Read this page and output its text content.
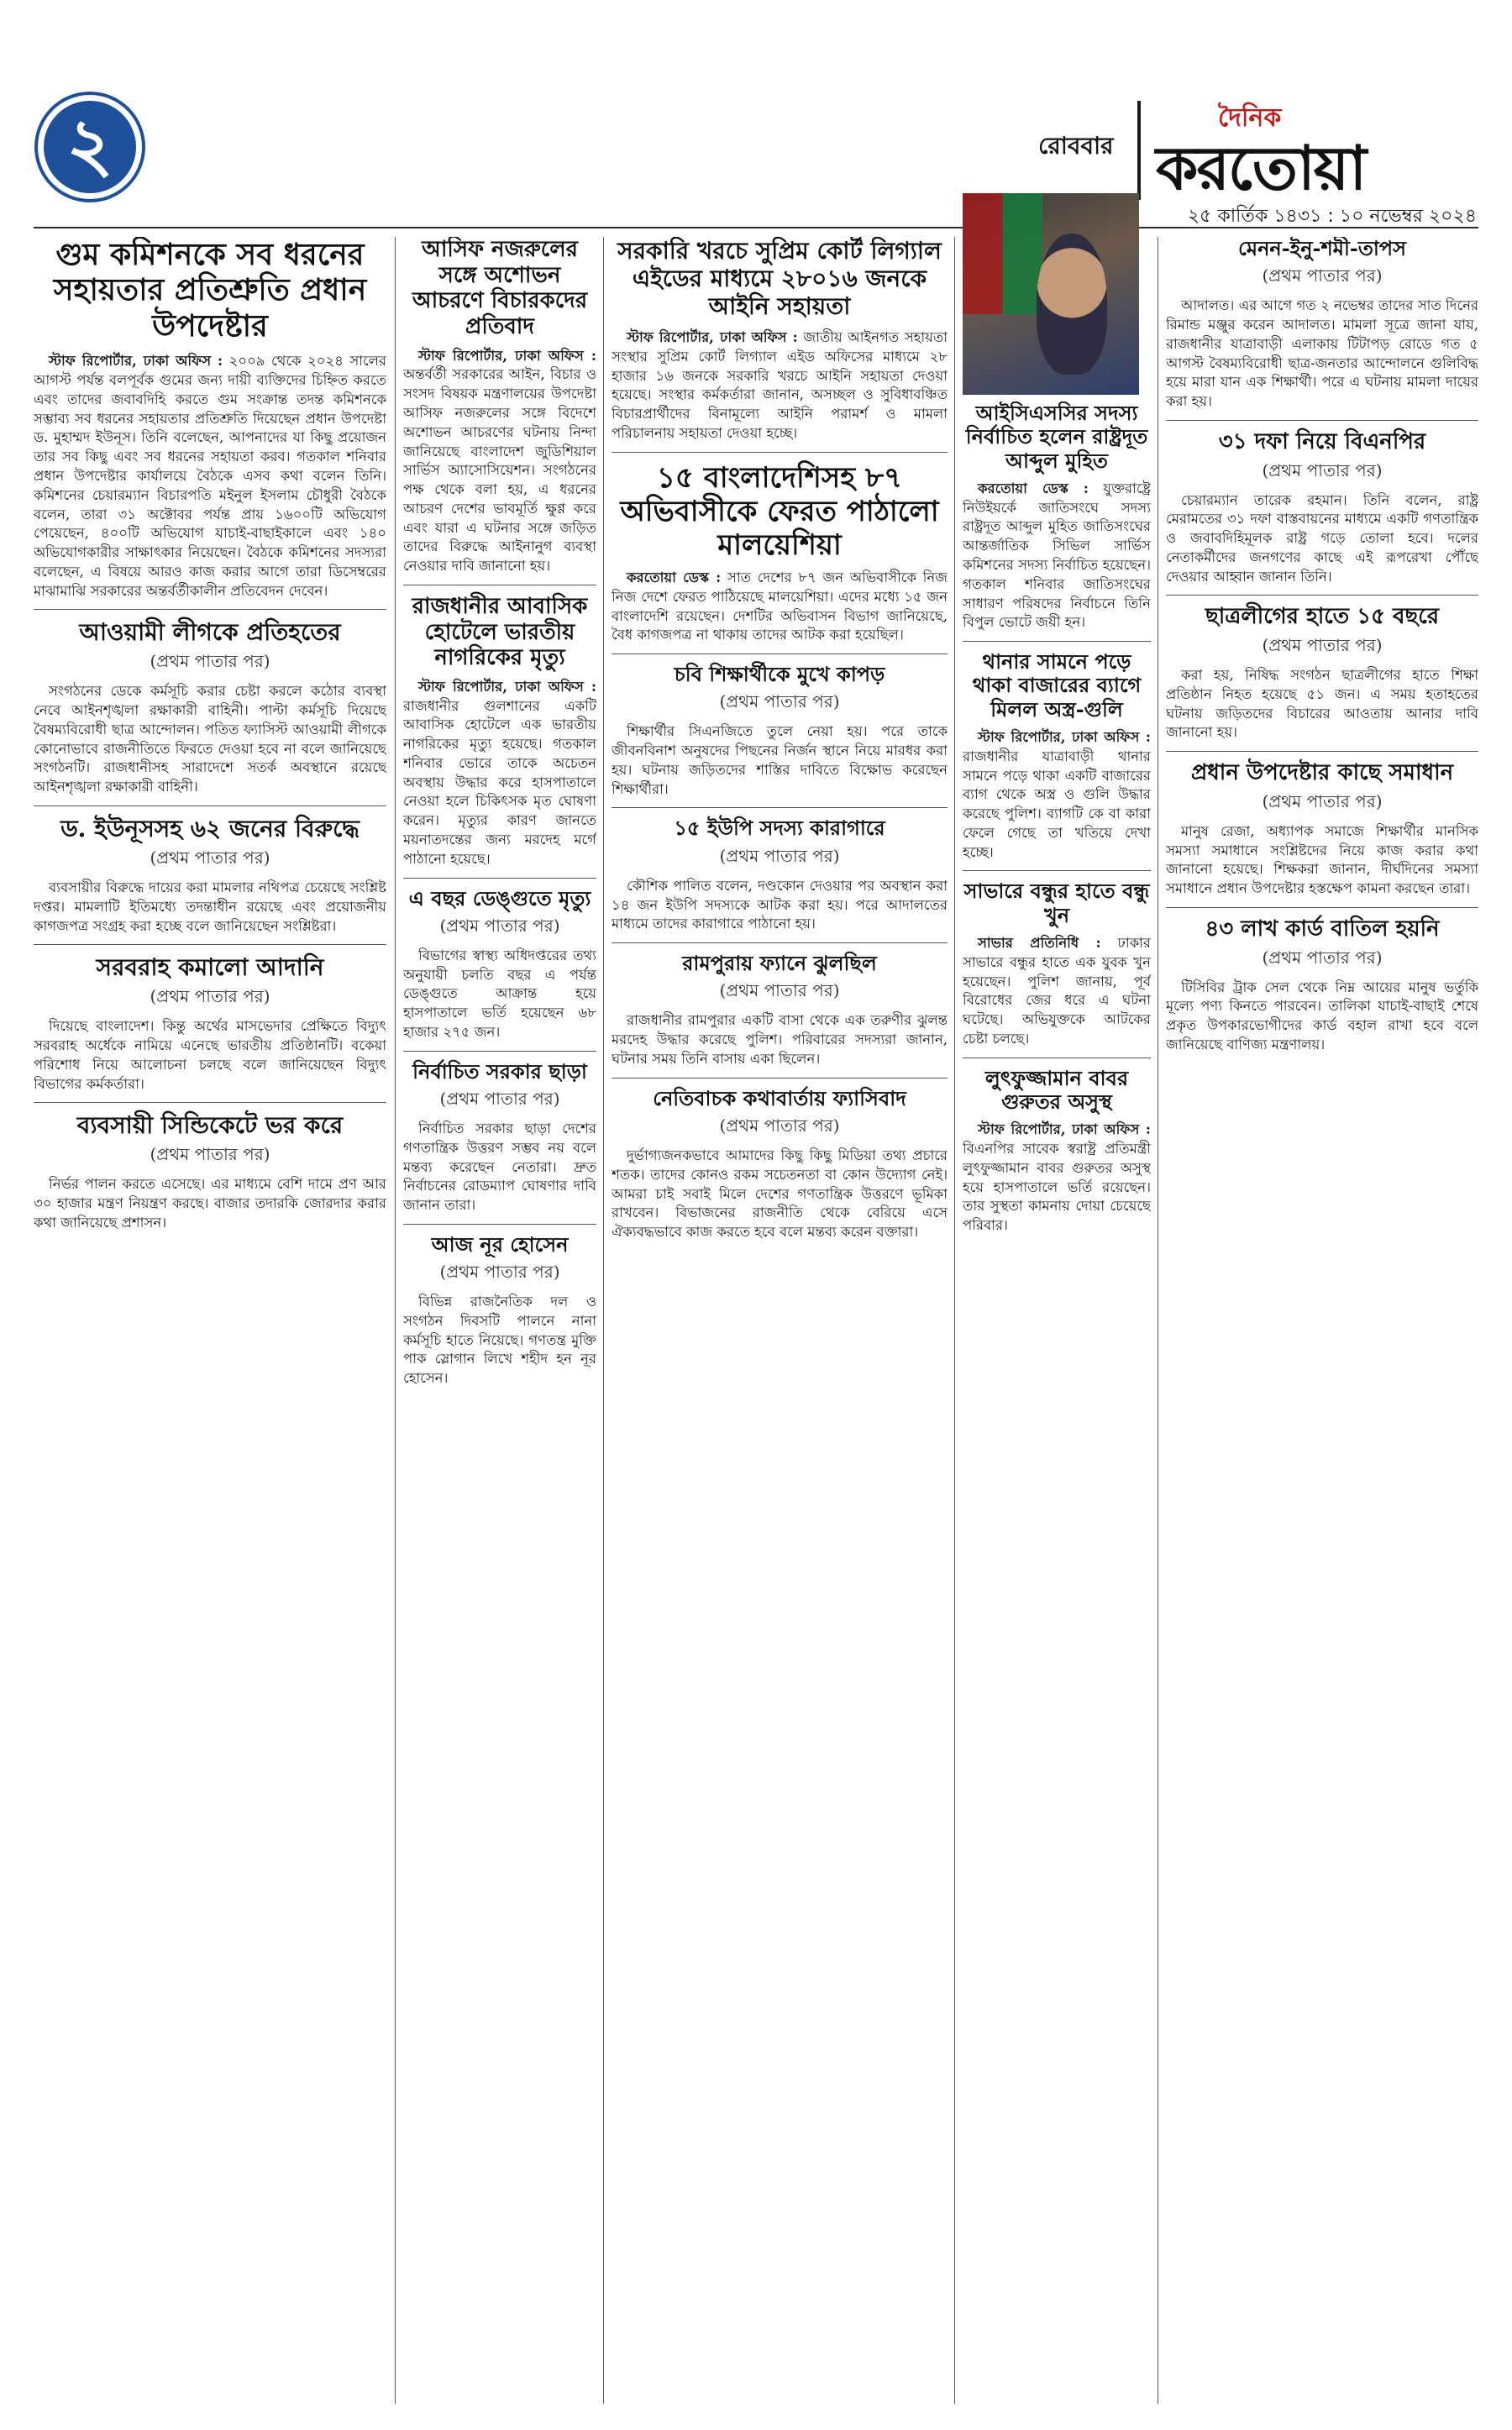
২	রোববার
দৈনিক
করতোয়া
২৫ কার্তিক ১৪৩১ : ১০ নভেম্বর ২০২৪
গুম কমিশনকে সব ধরনের সহায়তার প্রতিশ্রুতি প্রধান উপদেষ্টার

স্টাফ রিপোর্টার, ঢাকা অফিস : ২০০৯ থেকে ২০২৪ সালের আগস্ট পর্যন্ত বলপূর্বক গুমের জন্য দায়ী ব্যক্তিদের চিহ্নিত করতে এবং তাদের জবাবদিহি করতে গুম সংক্রান্ত তদন্ত কমিশনকে সম্ভাব্য সব ধরনের সহায়তার প্রতিশ্রুতি দিয়েছেন প্রধান উপদেষ্টা ড. মুহাম্মদ ইউনূস। তিনি বলেছেন, আপনাদের যা কিছু প্রয়োজন তার সব কিছু এবং সব ধরনের সহায়তা করব। গতকাল শনিবার প্রধান উপদেষ্টার কার্যালয়ে বৈঠকে এসব কথা বলেন তিনি। কমিশনের চেয়ারম্যান বিচারপতি মইনুল ইসলাম চৌধুরী বৈঠকে বলেন, তারা ৩১ অক্টোবর পর্যন্ত প্রায় ১৬০০টি অভিযোগ পেয়েছেন, ৪০০টি অভিযোগ যাচাই-বাছাইকালে এবং ১৪০ অভিযোগকারীর সাক্ষাৎকার নিয়েছেন। বৈঠকে কমিশনের সদস্যরা বলেছেন, এ বিষয়ে আরও কাজ করার আগে তারা ডিসেম্বরের মাঝামাঝি সরকারের অন্তর্বর্তীকালীন প্রতিবেদন দেবেন।

আওয়ামী লীগকে প্রতিহতের
(প্রথম পাতার পর)
সংগঠনের ডেকে কর্মসূচি করার চেষ্টা করলে কঠোর ব্যবস্থা নেবে আইনশৃঙ্খলা রক্ষাকারী বাহিনী। পাল্টা কর্মসূচি দিয়েছে বৈষম্যবিরোধী ছাত্র আন্দোলন। পতিত ফ্যাসিস্ট আওয়ামী লীগকে কোনোভাবে রাজনীতিতে ফিরতে দেওয়া হবে না বলে জানিয়েছে সংগঠনটি। রাজধানীসহ সারাদেশে সতর্ক অবস্থানে রয়েছে আইনশৃঙ্খলা রক্ষাকারী বাহিনী।
ড. ইউনূসসহ ৬২ জনের বিরুদ্ধে
(প্রথম পাতার পর)
ব্যবসায়ীর বিরুদ্ধে দায়ের করা মামলার নথিপত্র চেয়েছে সংশ্লিষ্ট দপ্তর। মামলাটি ইতিমধ্যে তদন্তাধীন রয়েছে এবং প্রয়োজনীয় কাগজপত্র সংগ্রহ করা হচ্ছে বলে জানিয়েছেন সংশ্লিষ্টরা।
সরবরাহ কমালো আদানি
(প্রথম পাতার পর)
দিয়েছে বাংলাদেশ। কিন্তু অর্থের মাসভেদার প্রেক্ষিতে বিদ্যুৎ সরবরাহ অর্ধেকে নামিয়ে এনেছে ভারতীয় প্রতিষ্ঠানটি। বকেয়া পরিশোধ নিয়ে আলোচনা চলছে বলে জানিয়েছেন বিদ্যুৎ বিভাগের কর্মকর্তারা।
ব্যবসায়ী সিন্ডিকেটে ভর করে
(প্রথম পাতার পর)
নির্ভর পালন করতে এসেছে। এর মাধ্যমে বেশি দামে প্রণ আর ৩০ হাজার মন্ত্রণ নিয়ন্ত্রণ করছে। বাজার তদারকি জোরদার করার কথা জানিয়েছে প্রশাসন।
আসিফ নজরুলের সঙ্গে অশোভন আচরণে বিচারকদের প্রতিবাদ

স্টাফ রিপোর্টার, ঢাকা অফিস : অন্তর্বর্তী সরকারের আইন, বিচার ও সংসদ বিষয়ক মন্ত্রণালয়ের উপদেষ্টা আসিফ নজরুলের সঙ্গে বিদেশে অশোভন আচরণের ঘটনায় নিন্দা জানিয়েছে বাংলাদেশ জুডিশিয়াল সার্ভিস অ্যাসোসিয়েশন। সংগঠনের পক্ষ থেকে বলা হয়, এ ধরনের আচরণ দেশের ভাবমূর্তি ক্ষুণ্ণ করে এবং যারা এ ঘটনার সঙ্গে জড়িত তাদের বিরুদ্ধে আইনানুগ ব্যবস্থা নেওয়ার দাবি জানানো হয়।

রাজধানীর আবাসিক হোটেলে ভারতীয় নাগরিকের মৃত্যু

স্টাফ রিপোর্টার, ঢাকা অফিস : রাজধানীর গুলশানের একটি আবাসিক হোটেলে এক ভারতীয় নাগরিকের মৃত্যু হয়েছে। গতকাল শনিবার ভোরে তাকে অচেতন অবস্থায় উদ্ধার করে হাসপাতালে নেওয়া হলে চিকিৎসক মৃত ঘোষণা করেন। মৃত্যুর কারণ জানতে ময়নাতদন্তের জন্য মরদেহ মর্গে পাঠানো হয়েছে।

এ বছর ডেঙ্গুতে মৃত্যু
(প্রথম পাতার পর)
বিভাগের স্বাস্থ্য অধিদপ্তরের তথ্য অনুযায়ী চলতি বছর এ পর্যন্ত ডেঙ্গুতে আক্রান্ত হয়ে হাসপাতালে ভর্তি হয়েছেন ৬৮ হাজার ২৭৫ জন।
নির্বাচিত সরকার ছাড়া
(প্রথম পাতার পর)
নির্বাচিত সরকার ছাড়া দেশের গণতান্ত্রিক উত্তরণ সম্ভব নয় বলে মন্তব্য করেছেন নেতারা। দ্রুত নির্বাচনের রোডম্যাপ ঘোষণার দাবি জানান তারা।
আজ নূর হোসেন
(প্রথম পাতার পর)
বিভিন্ন রাজনৈতিক দল ও সংগঠন দিবসটি পালনে নানা কর্মসূচি হাতে নিয়েছে। গণতন্ত্র মুক্তি পাক স্লোগান লিখে শহীদ হন নূর হোসেন।
সরকারি খরচে সুপ্রিম কোর্ট লিগ্যাল এইডের মাধ্যমে ২৮০১৬ জনকে আইনি সহায়তা

স্টাফ রিপোর্টার, ঢাকা অফিস : জাতীয় আইনগত সহায়তা সংস্থার সুপ্রিম কোর্ট লিগ্যাল এইড অফিসের মাধ্যমে ২৮ হাজার ১৬ জনকে সরকারি খরচে আইনি সহায়তা দেওয়া হয়েছে। সংস্থার কর্মকর্তারা জানান, অসচ্ছল ও সুবিধাবঞ্চিত বিচারপ্রার্থীদের বিনামূল্যে আইনি পরামর্শ ও মামলা পরিচালনায় সহায়তা দেওয়া হচ্ছে।

১৫ বাংলাদেশিসহ ৮৭ অভিবাসীকে ফেরত পাঠালো মালয়েশিয়া

করতোয়া ডেস্ক : সাত দেশের ৮৭ জন অভিবাসীকে নিজ নিজ দেশে ফেরত পাঠিয়েছে মালয়েশিয়া। এদের মধ্যে ১৫ জন বাংলাদেশি রয়েছেন। দেশটির অভিবাসন বিভাগ জানিয়েছে, বৈধ কাগজপত্র না থাকায় তাদের আটক করা হয়েছিল।

চবি শিক্ষার্থীকে মুখে কাপড়
(প্রথম পাতার পর)
শিক্ষার্থীর সিএনজিতে তুলে নেয়া হয়। পরে তাকে জীবনবিনাশ অনুষদের পিছনের নির্জন স্থানে নিয়ে মারধর করা হয়। ঘটনায় জড়িতদের শাস্তির দাবিতে বিক্ষোভ করেছেন শিক্ষার্থীরা।
১৫ ইউপি সদস্য কারাগারে
(প্রথম পাতার পর)
কৌশিক পালিত বলেন, দণ্ডকোন দেওয়ার পর অবস্থান করা ১৪ জন ইউপি সদস্যকে আটক করা হয়। পরে আদালতের মাধ্যমে তাদের কারাগারে পাঠানো হয়।
রামপুরায় ফ্যানে ঝুলছিল
(প্রথম পাতার পর)
রাজধানীর রামপুরার একটি বাসা থেকে এক তরুণীর ঝুলন্ত মরদেহ উদ্ধার করেছে পুলিশ। পরিবারের সদস্যরা জানান, ঘটনার সময় তিনি বাসায় একা ছিলেন।
নেতিবাচক কথাবার্তায় ফ্যাসিবাদ
(প্রথম পাতার পর)
দুর্ভাগ্যজনকভাবে আমাদের কিছু কিছু মিডিয়া তথ্য প্রচারে শতক। তাদের কোনও রকম সচেতনতা বা কোন উদ্যোগ নেই। আমরা চাই সবাই মিলে দেশের গণতান্ত্রিক উত্তরণে ভূমিকা রাখবেন। বিভাজনের রাজনীতি থেকে বেরিয়ে এসে ঐক্যবদ্ধভাবে কাজ করতে হবে বলে মন্তব্য করেন বক্তারা।
আইসিএসসির সদস্য নির্বাচিত হলেন রাষ্ট্রদূত আব্দুল মুহিত

করতোয়া ডেস্ক : যুক্তরাষ্ট্রে নিউইয়র্কে জাতিসংঘে সদস্য রাষ্ট্রদূত আব্দুল মুহিত জাতিসংঘের আন্তর্জাতিক সিভিল সার্ভিস কমিশনের সদস্য নির্বাচিত হয়েছেন। গতকাল শনিবার জাতিসংঘের সাধারণ পরিষদের নির্বাচনে তিনি বিপুল ভোটে জয়ী হন।

থানার সামনে পড়ে থাকা বাজারের ব্যাগে মিলল অস্ত্র-গুলি

স্টাফ রিপোর্টার, ঢাকা অফিস : রাজধানীর যাত্রাবাড়ী থানার সামনে পড়ে থাকা একটি বাজারের ব্যাগ থেকে অস্ত্র ও গুলি উদ্ধার করেছে পুলিশ। ব্যাগটি কে বা কারা ফেলে গেছে তা খতিয়ে দেখা হচ্ছে।

সাভারে বন্ধুর হাতে বন্ধু খুন

সাভার প্রতিনিধি : ঢাকার সাভারে বন্ধুর হাতে এক যুবক খুন হয়েছেন। পুলিশ জানায়, পূর্ব বিরোধের জের ধরে এ ঘটনা ঘটেছে। অভিযুক্তকে আটকের চেষ্টা চলছে।

লুৎফুজ্জামান বাবর গুরুতর অসুস্থ

স্টাফ রিপোর্টার, ঢাকা অফিস : বিএনপির সাবেক স্বরাষ্ট্র প্রতিমন্ত্রী লুৎফুজ্জামান বাবর গুরুতর অসুস্থ হয়ে হাসপাতালে ভর্তি রয়েছেন। তার সুস্থতা কামনায় দোয়া চেয়েছে পরিবার।

মেনন-ইনু-শমী-তাপস
(প্রথম পাতার পর)
আদালত। এর আগে গত ২ নভেম্বর তাদের সাত দিনের রিমান্ড মঞ্জুর করেন আদালত। মামলা সূত্রে জানা যায়, রাজধানীর যাত্রাবাড়ী এলাকায় টিটাপড় রোডে গত ৫ আগস্ট বৈষম্যবিরোধী ছাত্র-জনতার আন্দোলনে গুলিবিদ্ধ হয়ে মারা যান এক শিক্ষার্থী। পরে এ ঘটনায় মামলা দায়ের করা হয়।
৩১ দফা নিয়ে বিএনপির
(প্রথম পাতার পর)
চেয়ারম্যান তারেক রহমান। তিনি বলেন, রাষ্ট্র মেরামতের ৩১ দফা বাস্তবায়নের মাধ্যমে একটি গণতান্ত্রিক ও জবাবদিহিমূলক রাষ্ট্র গড়ে তোলা হবে। দলের নেতাকর্মীদের জনগণের কাছে এই রূপরেখা পৌঁছে দেওয়ার আহ্বান জানান তিনি।
ছাত্রলীগের হাতে ১৫ বছরে
(প্রথম পাতার পর)
করা হয়, নিষিদ্ধ সংগঠন ছাত্রলীগের হাতে শিক্ষা প্রতিষ্ঠান নিহত হয়েছে ৫১ জন। এ সময় হতাহতের ঘটনায় জড়িতদের বিচারের আওতায় আনার দাবি জানানো হয়।
প্রধান উপদেষ্টার কাছে সমাধান
(প্রথম পাতার পর)
মানুষ রেজা, অধ্যাপক সমাজে শিক্ষার্থীর মানসিক সমস্যা সমাধানে সংশ্লিষ্টদের নিয়ে কাজ করার কথা জানানো হয়েছে। শিক্ষকরা জানান, দীর্ঘদিনের সমস্যা সমাধানে প্রধান উপদেষ্টার হস্তক্ষেপ কামনা করছেন তারা।
৪৩ লাখ কার্ড বাতিল হয়নি
(প্রথম পাতার পর)
টিসিবির ট্রাক সেল থেকে নিম্ন আয়ের মানুষ ভর্তুকি মূল্যে পণ্য কিনতে পারবেন। তালিকা যাচাই-বাছাই শেষে প্রকৃত উপকারভোগীদের কার্ড বহাল রাখা হবে বলে জানিয়েছে বাণিজ্য মন্ত্রণালয়।
